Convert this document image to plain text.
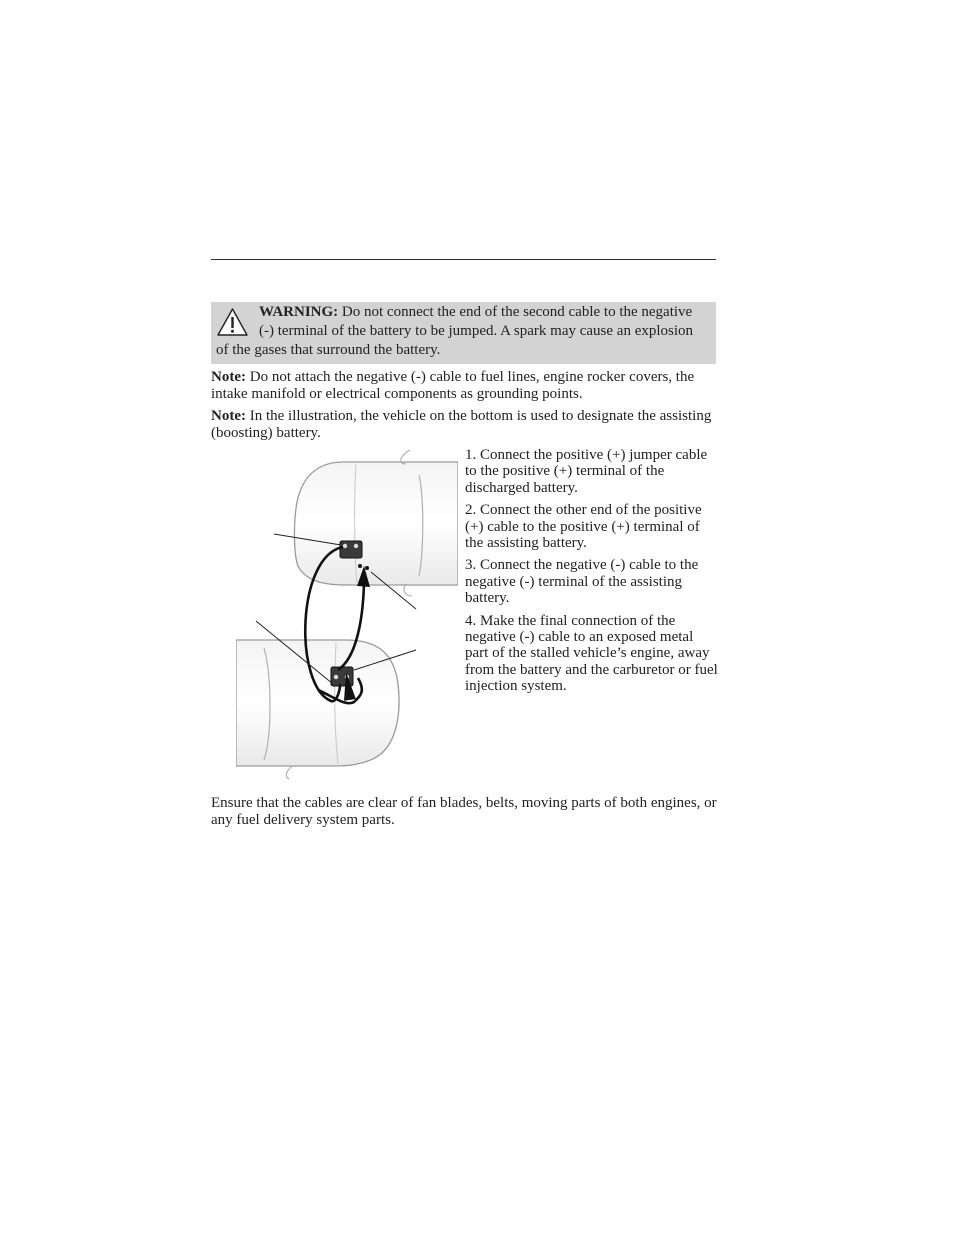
WARNING: Do not connect the end of the second cable to the negative (-) terminal of the battery to be jumped. A spark may cause an explosion of the gases that surround the battery.
Note: Do not attach the negative (-) cable to fuel lines, engine rocker covers, the intake manifold or electrical components as grounding points.
Note: In the illustration, the vehicle on the bottom is used to designate the assisting (boosting) battery.

1. Connect the positive (+) jumper cable to the positive (+) terminal of the discharged battery.

2. Connect the other end of the positive (+) cable to the positive (+) terminal of the assisting battery.

3. Connect the negative (-) cable to the negative (-) terminal of the assisting battery.

4. Make the final connection of the negative (-) cable to an exposed metal part of the stalled vehicle’s engine, away from the battery and the carburetor or fuel injection system.

Ensure that the cables are clear of fan blades, belts, moving parts of both engines, or any fuel delivery system parts.
